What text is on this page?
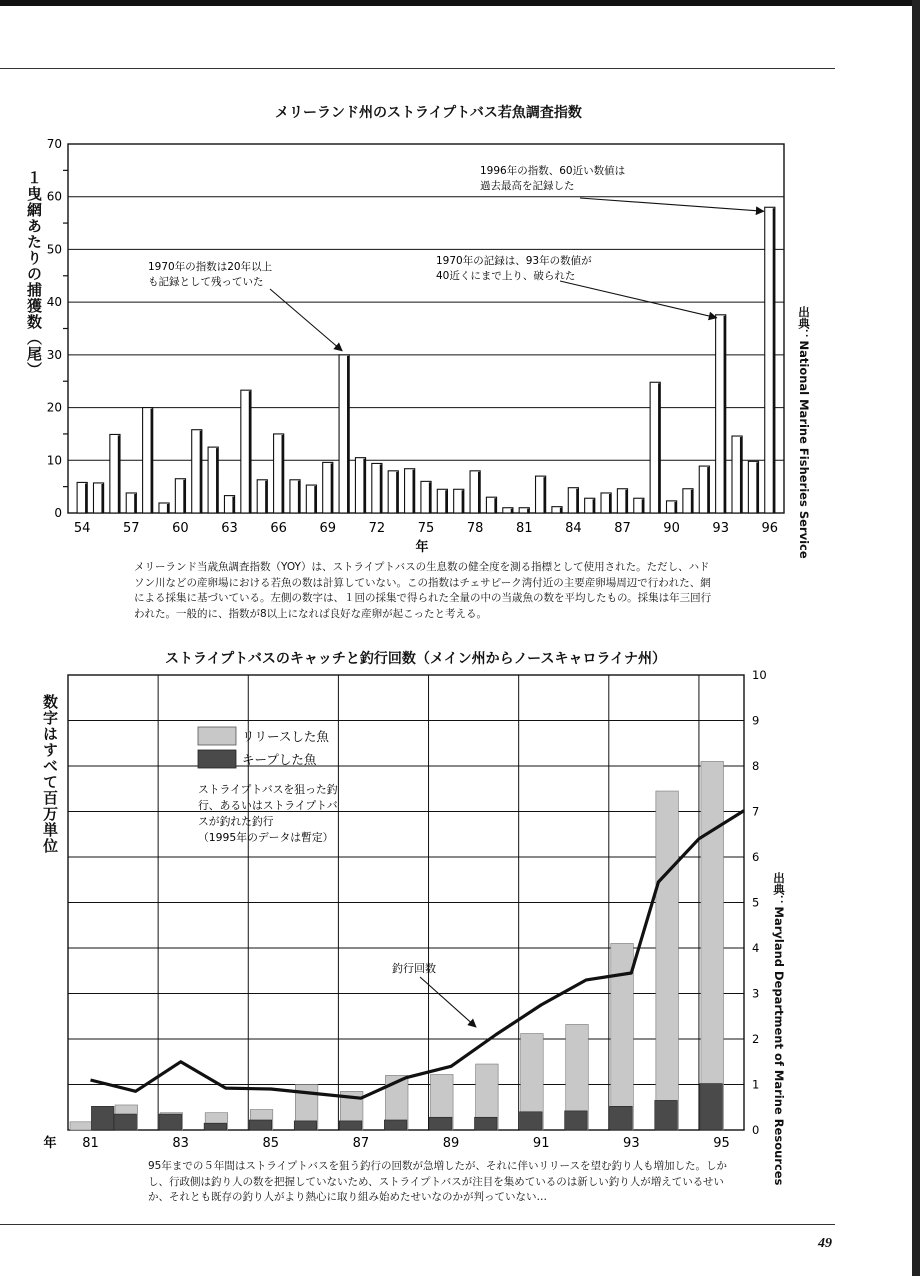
メリーランド州のストライプトバス若魚調査指数
１曳網あたりの捕獲数（尾）
出典：National Marine Fisheries Service
0
10
20
30
40
50
60
70
54	57	60	63	66	69	72	75	78	81	84	87	90	93	96
年
1996年の指数、60近い数値は
過去最高を記録した
1970年の指数は20年以上
も記録として残っていた
1970年の記録は、93年の数値が
40近くにまで上り、破られた
メリーランド当歳魚調査指数（YOY）は、ストライプトバスの生息数の健全度を測る指標として使用された。ただし、ハドソン川などの産卵場における若魚の数は計算していない。この指数はチェサピーク湾付近の主要産卵場周辺で行われた、網による採集に基づいている。左側の数字は、１回の採集で得られた全量の中の当歳魚の数を平均したもの。採集は年三回行われた。一般的に、指数が8以上になれば良好な産卵が起こったと考える。
ストライプトバスのキャッチと釣行回数（メイン州からノースキャロライナ州）
数字はすべて百万単位
出典：Maryland Department of Marine Resources
0
1
2
3
4
5
6
7
8
9
10
81	83	85	87	89	91	93	95
年
リリースした魚
キープした魚
ストライプトバスを狙った釣
行、あるいはストライプトバ
スが釣れた釣行
（1995年のデータは暫定）
釣行回数
95年までの５年間はストライプトバスを狙う釣行の回数が急増したが、それに伴いリリースを望む釣り人も増加した。しかし、行政側は釣り人の数を把握していないため、ストライプトバスが注目を集めているのは新しい釣り人が増えているせいか、それとも既存の釣り人がより熱心に取り組み始めたせいなのかが判っていない…
49
